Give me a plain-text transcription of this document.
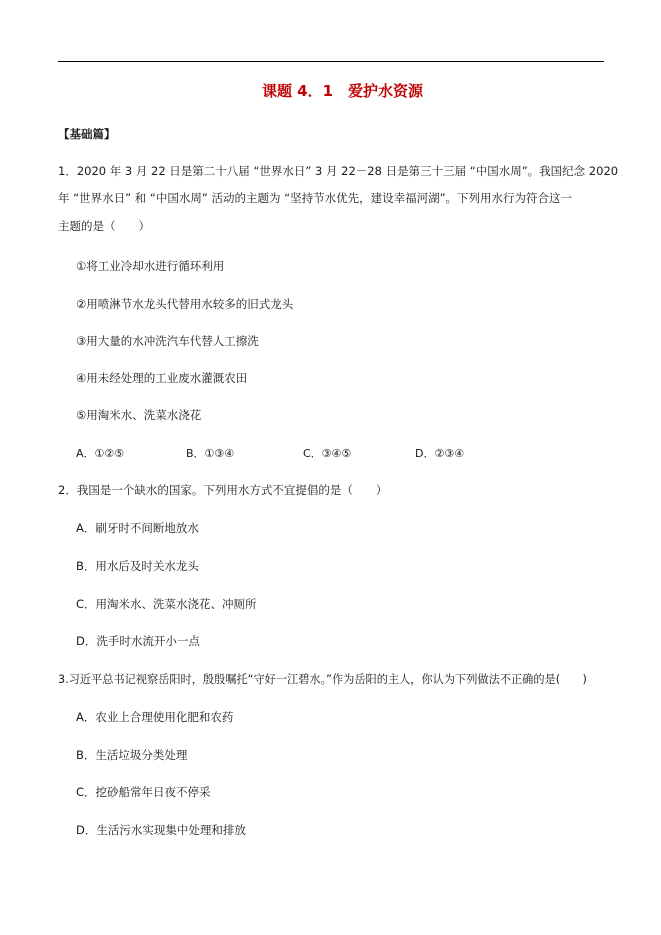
课题 4．1　爱护水资源
【基础篇】
1．2020 年 3 月 22 日是第二十八届 “世界水日” 3 月 22－28 日是第三十三届 “中国水周”。我国纪念 2020
年 “世界水日” 和 “中国水周” 活动的主题为 “坚持节水优先，建设幸福河湖”。下列用水行为符合这一
主题的是（　　）
①将工业冷却水进行循环利用
②用喷淋节水龙头代替用水较多的旧式龙头
③用大量的水冲洗汽车代替人工擦洗
④用未经处理的工业废水灌溉农田
⑤用淘米水、洗菜水浇花
A．①②⑤	B．①③④	C．③④⑤	D．②③④
2．我国是一个缺水的国家。下列用水方式不宜提倡的是（　　）
A．刷牙时不间断地放水
B．用水后及时关水龙头
C．用淘米水、洗菜水浇花、冲厕所
D．洗手时水流开小一点
3.习近平总书记视察岳阳时，殷殷嘱托“守好一江碧水。”作为岳阳的主人，你认为下列做法不正确的是(　　)
A．农业上合理使用化肥和农药
B．生活垃圾分类处理
C．挖砂船常年日夜不停采
D．生活污水实现集中处理和排放
